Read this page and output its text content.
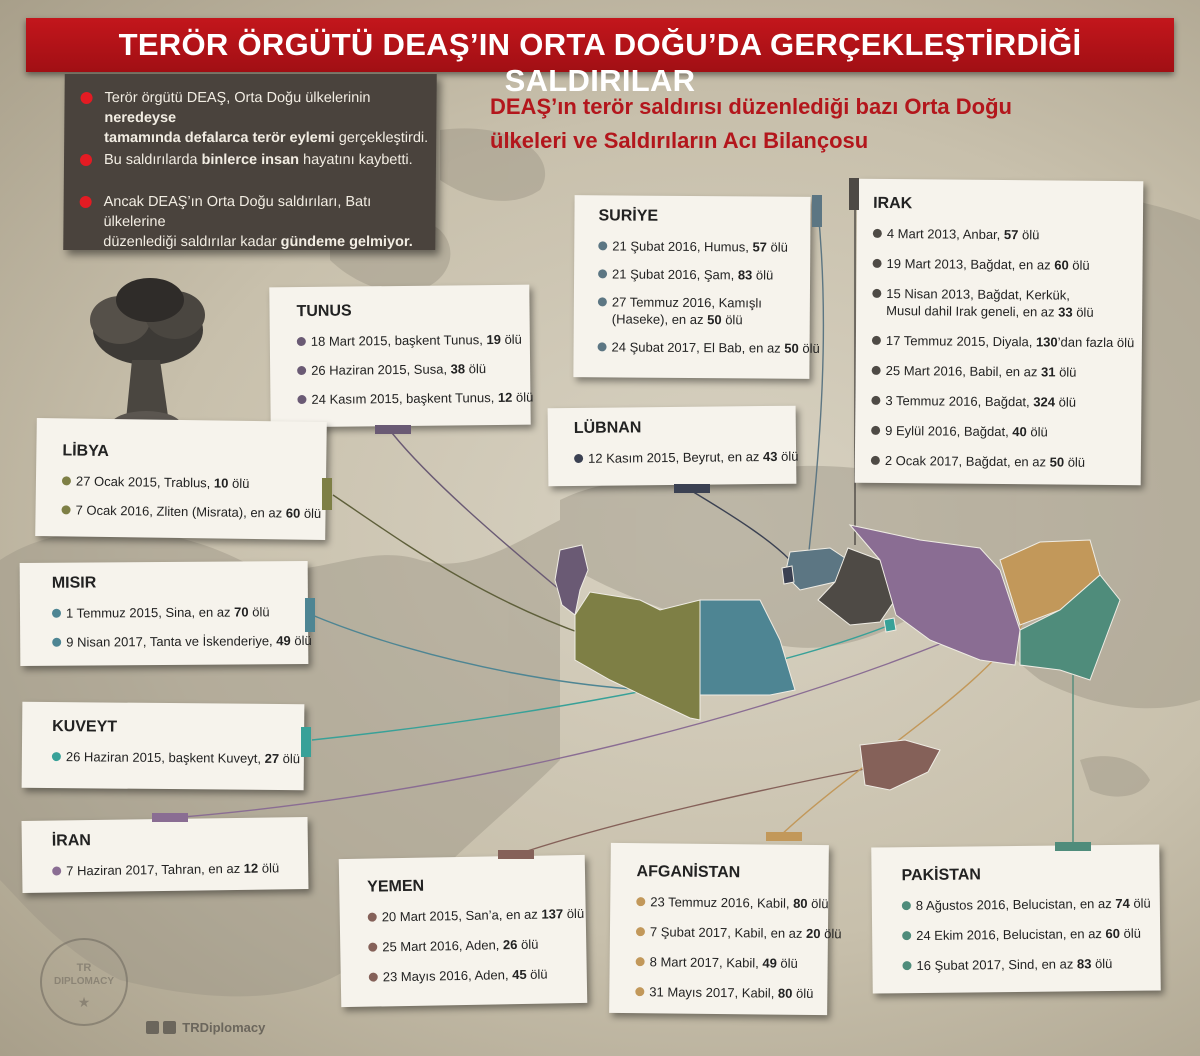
TERÖR ÖRGÜTÜ DEAŞ’IN ORTA DOĞU’DA GERÇEKLEŞTİRDİĞİ SALDIRILAR

Terör örgütü DEAŞ, Orta Doğu ülkelerinin neredeyse
tamamında defalarca terör eylemi gerçekleştirdi.

Bu saldırılarda binlerce insan hayatını kaybetti.

Ancak DEAŞ’ın Orta Doğu saldırıları, Batı ülkelerine
düzenlediği saldırılar kadar gündeme gelmiyor.

DEAŞ’ın terör saldırısı düzenlediği bazı Orta Doğu
ülkeleri ve Saldırıların Acı Bilançosu
TUNUS
18 Mart 2015, başkent Tunus, 19 ölü
26 Haziran 2015, Susa, 38 ölü
24 Kasım 2015, başkent Tunus, 12 ölü
LİBYA
27 Ocak 2015, Trablus, 10 ölü
7 Ocak 2016, Zliten (Misrata), en az 60 ölü
MISIR
1 Temmuz 2015, Sina, en az 70 ölü
9 Nisan 2017, Tanta ve İskenderiye, 49 ölü
KUVEYT
26 Haziran 2015, başkent Kuveyt, 27 ölü
İRAN
7 Haziran 2017, Tahran, en az 12 ölü
YEMEN
20 Mart 2015, San’a, en az 137 ölü
25 Mart 2016, Aden, 26 ölü
23 Mayıs 2016, Aden, 45 ölü
AFGANİSTAN
23 Temmuz 2016, Kabil, 80 ölü
7 Şubat 2017, Kabil, en az 20 ölü
8 Mart 2017, Kabil, 49 ölü
31 Mayıs 2017, Kabil, 80 ölü
PAKİSTAN
8 Ağustos 2016, Belucistan, en az 74 ölü
24 Ekim 2016, Belucistan, en az 60 ölü
16 Şubat 2017, Sind, en az 83 ölü
SURİYE
21 Şubat 2016, Humus, 57 ölü
21 Şubat 2016, Şam, 83 ölü
27 Temmuz 2016, Kamışlı
(Haseke), en az 50 ölü
24 Şubat 2017, El Bab, en az 50 ölü
LÜBNAN
12 Kasım 2015, Beyrut, en az 43 ölü
IRAK
4 Mart 2013, Anbar, 57 ölü
19 Mart 2013, Bağdat, en az 60 ölü
15 Nisan 2013, Bağdat, Kerkük,
Musul dahil Irak geneli, en az 33 ölü
17 Temmuz 2015, Diyala, 130’dan fazla ölü
25 Mart 2016, Babil, en az 31 ölü
3 Temmuz 2016, Bağdat, 324 ölü
9 Eylül 2016, Bağdat, 40 ölü
2 Ocak 2017, Bağdat, en az 50 ölü
TR
DIPLOMACY
★
TRDiplomacy
